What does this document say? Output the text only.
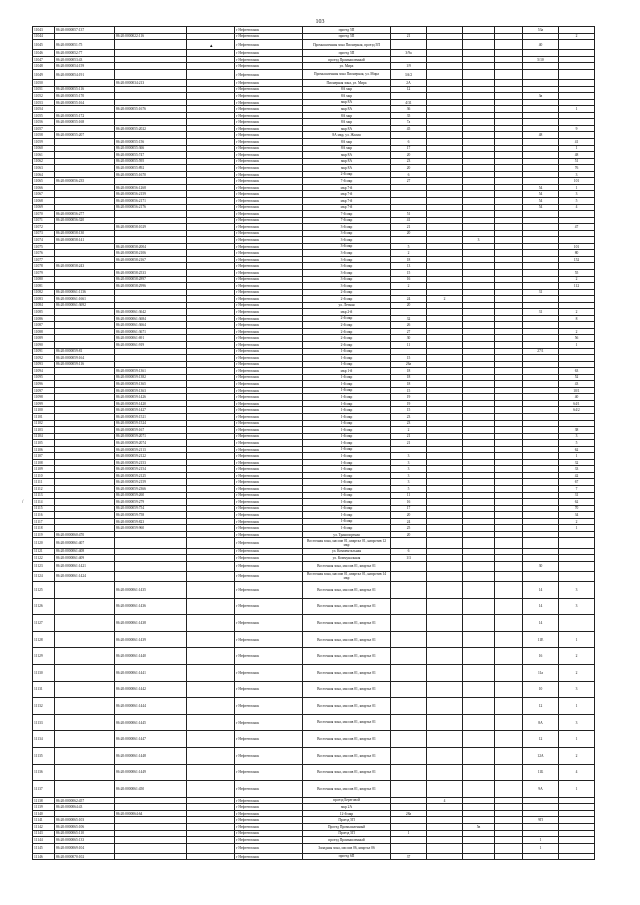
103
▴
/
11043	86:20:0000057:137			г Нефтеюганск	проезд 5П					53а	
11044		86:20:0000022:116		г Нефтеюганск	проезд 5П	21					2
11045	86:20:0000051:75			г Нефтеюганск	Промышленная зона Пионерная, проезд 5П					40	
11046	86:20:0000052:77			г Нефтеюганск	проезд 5П	3/9а					
11047	86:20:0000053:43			г Нефтеюганск	проезд Промышленный					5/10	
11048	86:20:0000054:159			г Нефтеюганск	ул. Мира	1/9					
11049	86:20:0000054:191			г Нефтеюганск	Промышленная зона Пионерная, ул. Мира	3А/2					
11050		86:20:0000034:213		г Нефтеюганск	Пионерная зона, ул. Мира	2А					
11051	86:20:0000055:116			г Нефтеюганск	8А мкр	12					
11052	86:20:0000055:170			г Нефтеюганск	8А мкр					3в	
11053	86:20:0000055:164			г Нефтеюганск	мкр 8А	4/31					
11054		86:20:0000055:1676		г Нефтеюганск	мкр 8А	36					1
11055	86:20:0000055:172			г Нефтеюганск	8А мкр	35					
11056	86:20:0000055:168			г Нефтеюганск	8А мкр	7а					
11057		86:20:0000055:2022		г Нефтеюганск	мкр 8А	45					9
11058	86:20:0000055:207			г Нефтеюганск	8А мкр, ул. Жилая					48	
11059		86:20:0000055:156		г Нефтеюганск	8А мкр	6					41
11060		86:20:0000055:366		г Нефтеюганск	8А мкр	17					1
11061		86:20:0000055:747		г Нефтеюганск	мкр 8А	20					48
11062		86:20:0000055:595		г Нефтеюганск	мкр 8А	23					51
11063		86:20:0000055:892		г Нефтеюганск	мкр 8А	20					76
11064		86:20:0000055:1670		г Нефтеюганск	2-й мкр	6					3
11065	86:20:0000056:235			г Нефтеюганск	7-й мкр	27					101
11066		86:20:0000056:1268		г Нефтеюганск	мкр 7-й					54	1
11067		86:20:0000056:2159		г Нефтеюганск	мкр 7-й					54	3
11068		86:20:0000056:2171		г Нефтеюганск	мкр 7-й					54	5
11069		86:20:0000056:2176		г Нефтеюганск	мкр 7-й					54	4
11070	86:20:0000056:277			г Нефтеюганск	7-й мкр	51					
11071	86:20:0000056:320			г Нефтеюганск	7-й мкр	41					
11072		86:20:0000058:1029		г Нефтеюганск	3-й мкр	21					47
11073	86:20:0000058:130			г Нефтеюганск	3-й мкр	20					
11074	86:20:0000058:141			г Нефтеюганск	3-й мкр			3			
11075		86:20:0000058:2004		г Нефтеюганск	3-й мкр	5					101
11076		86:20:0000058:2106		г Нефтеюганск	3-й мкр	2					80
11077		86:20:0000058:2167		г Нефтеюганск	3-й мкр	18					152
11078	86:20:0000058:243			г Нефтеюганск	3-й мкр	13					
11079		86:20:0000058:2533		г Нефтеюганск	3-й мкр	15					55
11080		86:20:0000058:2897		г Нефтеюганск	3-й мкр	16					2
11081		86:20:0000058:2996		г Нефтеюганск	3-й мкр	2					112
11082	86:20:0000061:1136			г Нефтеюганск	2-й мкр					31	
11083	86:20:0000061:1661			г Нефтеюганск	2-й мкр	24	2				
11084	86:20:0000061:3692			г Нефтеюганск	ул. Летняя	20					
11085		86:20:0000061:3642		г Нефтеюганск	мкр 2-й					31	2
11086		86:20:0000061:3684		г Нефтеюганск	2-й мкр	32					8
11087		86:20:0000061:3664		г Нефтеюганск	2-й мкр	26					
11088		86:20:0000061:3671		г Нефтеюганск	2-й мкр	27					2
11089		86:20:0000061:691		г Нефтеюганск	2-й мкр	30					56
11090		86:20:0000061:919		г Нефтеюганск	2-й мкр	11					1
11091	86:20:0000059:81			г Нефтеюганск	1-й мкр					27/1	
11092	86:20:0000059:164			г Нефтеюганск	1-й мкр	15					
11093	86:20:0000059:116			г Нефтеюганск	1-й мкр	26а					
11094		86:20:0000059:1361		г Нефтеюганск	мкр 1-й	18					63
11095		86:20:0000059:1382		г Нефтеюганск	1-й мкр	18					52
11096		86:20:0000059:1365		г Нефтеюганск	1-й мкр	18					43
11097		86:20:0000059:1363		г Нефтеюганск	1-й мкр	15					10/1
11098		86:20:0000059:1426		г Нефтеюганск	1-й мкр	19					40
11099		86:20:0000059:1420		г Нефтеюганск	1-й мкр	19					64/1
11100		86:20:0000059:1427		г Нефтеюганск	1-й мкр	15					64/2
11101		86:20:0000059:1521		г Нефтеюганск	1-й мкр	23					
11102		86:20:0000059:1524		г Нефтеюганск	1-й мкр	23					
11103		86:20:0000059:167		г Нефтеюганск	1-й мкр	2					38
11104		86:20:0000059:2071		г Нефтеюганск	1-й мкр	21					3
11105		86:20:0000059:2074		г Нефтеюганск	1-й мкр	21					5
11106		86:20:0000059:2113		г Нефтеюганск	1-й мкр						62
11107		86:20:0000059:2122		г Нефтеюганск	1-й мкр	3					1
11108		86:20:0000059:2153		г Нефтеюганск	1-й мкр	3					32
11109		86:20:0000059:2154		г Нефтеюганск	1-й мкр	3					33
11110		86:20:0000059:2125		г Нефтеюганск	1-й мкр	3					42
11111		86:20:0000059:2159		г Нефтеюганск	1-й мкр	3					67
11112		86:20:0000059:2366		г Нефтеюганск	1-й мкр	5					7
11113		86:20:0000059:260		г Нефтеюганск	1-й мкр	11					31
11114		86:20:0000059:279		г Нефтеюганск	1-й мкр	16					62
11115		86:20:0000059:754		г Нефтеюганск	1-й мкр	17					70
11116		86:20:0000059:758		г Нефтеюганск	1-й мкр	20					34
11117		86:20:0000059:823		г Нефтеюганск	1-й мкр	24					2
11118		86:20:0000059:960		г Нефтеюганск	1-й мкр	25					1
11119	86:20:0000060:470			г Нефтеюганск	ул. Транспортная	20					
11120	86:20:0000061:407			г Нефтеюганск	Восточная зона, массив 01, квартал 01, напротив 12 мкр						
11121	86:20:0000061:408			г Нефтеюганск	ул. Комментальная	6					
11122	86:20:0000061:409			г Нефтеюганск	ул. Коммунальная	1/3					
11123	86:20:0000061:1421			г Нефтеюганск	Восточная зона, массив 01, квартал 01					30	
11124	86:20:0000061:1424			г Нефтеюганск	Восточная зона, массив 01, квартал 01, напротив 14 мкр						
11125		86:20:0000061:1435		г Нефтеюганск	Восточная зона, массив 01, квартал 01					14	3
11126		86:20:0000061:1436		г Нефтеюганск	Восточная зона, массив 01, квартал 01					14	3
11127		86:20:0000061:1438		г Нефтеюганск	Восточная зона, массив 01, квартал 01					14	
11128		86:20:0000061:1439		г Нефтеюганск	Восточная зона, массив 01, квартал 01					11Е	1
11129		86:20:0000061:1440		г Нефтеюганск	Восточная зона, массив 01, квартал 01					16	2
11130		86:20:0000061:1441		г Нефтеюганск	Восточная зона, массив 01, квартал 01					11а	2
11131		86:20:0000061:1442		г Нефтеюганск	Восточная зона, массив 01, квартал 01					10	3
11132		86:20:0000061:1444		г Нефтеюганск	Восточная зона, массив 01, квартал 01					12	1
11133		86:20:0000061:1445		г Нефтеюганск	Восточная зона, массив 01, квартал 01					8А	3
11134		86:20:0000061:1447		г Нефтеюганск	Восточная зона, массив 01, квартал 01					12	1
11135		86:20:0000061:1448		г Нефтеюганск	Восточная зона, массив 01, квартал 01					12А	2
11136		86:20:0000061:1449		г Нефтеюганск	Восточная зона, массив 01, квартал 01					11Б	4
11137		86:20:0000061:450		г Нефтеюганск	Восточная зона, массив 01, квартал 01					9А	1
11138	86:20:0000062:457			г Нефтеюганск	проезд Береговой		4				
11139	86:20:0000064:43			г Нефтеюганск	мкр 2А						
11140		86:20:0000064:64		г Нефтеюганск	12-й мкр	28а					
11141	86:20:0000065:103			г Нефтеюганск	Проезд 5П					9П	
11142	86:20:0000065:106			г Нефтеюганск	Проезд Промышленный			5в			
11143	86:20:0000065:110			г Нефтеюганск	Проезд 5П	1					
11144	86:20:0000065:133			г Нефтеюганск	проезд Промышленный					1	
11145	86:20:0000069:104			г Нефтеюганск	Западная зона, массив 06, квартал 06					1	
11146	86:20:0000070:102			г Нефтеюганск	проезд 6П	37					
